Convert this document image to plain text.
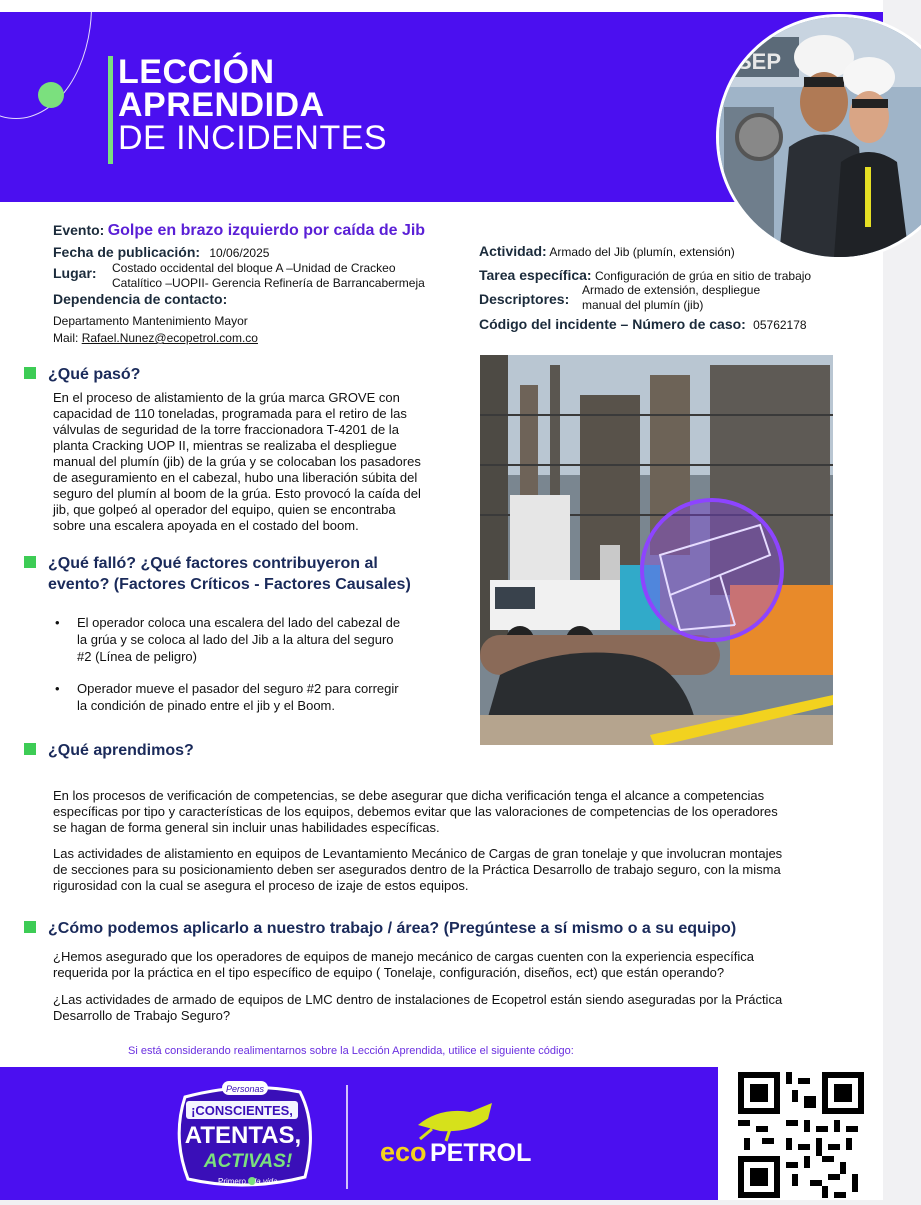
LECCIÓN
APRENDIDA
DE INCIDENTES
SEP
Evento: Golpe en brazo izquierdo por caída de Jib
Fecha de publicación: 10/06/2025
Lugar: Costado occidental del bloque A –Unidad de Crackeo
Catalítico –UOPII- Gerencia Refinería de Barrancabermeja
Dependencia de contacto:
Departamento Mantenimiento Mayor
Mail: Rafael.Nunez@ecopetrol.com.co
Actividad: Armado del Jib (plumín, extensión)
Tarea específica: Configuración de grúa en sitio de trabajo
Descriptores:
Armado de extensión, despliegue
manual del plumín (jib)
Código del incidente – Número de caso: 05762178
¿Qué pasó?
En el proceso de alistamiento de la grúa marca GROVE con
capacidad de 110 toneladas, programada para el retiro de las
válvulas de seguridad de la torre fraccionadora T-4201 de la
planta Cracking UOP II, mientras se realizaba el despliegue
manual del plumín (jib) de la grúa y se colocaban los pasadores
de aseguramiento en el cabezal, hubo una liberación súbita del
seguro del plumín al boom de la grúa. Esto provocó la caída del
jib, que golpeó al operador del equipo, quien se encontraba
sobre una escalera apoyada en el costado del boom.
¿Qué falló? ¿Qué factores contribuyeron al
evento? (Factores Críticos - Factores Causales)
• El operador coloca una escalera del lado del cabezal de
la grúa y se coloca al lado del Jib a la altura del seguro
#2 (Línea de peligro)
• Operador mueve el pasador del seguro #2 para corregir
la condición de pinado entre el jib y el Boom.
¿Qué aprendimos?
En los procesos de verificación de competencias, se debe asegurar que dicha verificación tenga el alcance a competencias
específicas por tipo y características de los equipos, debemos evitar que las valoraciones de competencias de los operadores
se hagan de forma general sin incluir unas habilidades específicas.
Las actividades de alistamiento en equipos de Levantamiento Mecánico de Cargas de gran tonelaje y que involucran montajes
de secciones para su posicionamiento deben ser asegurados dentro de la Práctica Desarrollo de trabajo seguro, con la misma
rigurosidad con la cual se asegura el proceso de izaje de estos equipos.
¿Cómo podemos aplicarlo a nuestro trabajo / área? (Pregúntese a sí mismo o a su equipo)
¿Hemos asegurado que los operadores de equipos de manejo mecánico de cargas cuenten con la experiencia específica
requerida por la práctica en el tipo específico de equipo ( Tonelaje, configuración, diseños, ect) que están operando?
¿Las actividades de armado de equipos de LMC dentro de instalaciones de Ecopetrol están siendo aseguradas por la Práctica
Desarrollo de Trabajo Seguro?
Si está considerando realimentarnos sobre la Lección Aprendida, utilice el siguiente código:
Personas
¡CONSCIENTES,
ATENTAS,
ACTIVAS!
Primero la vida
eco PETROL
